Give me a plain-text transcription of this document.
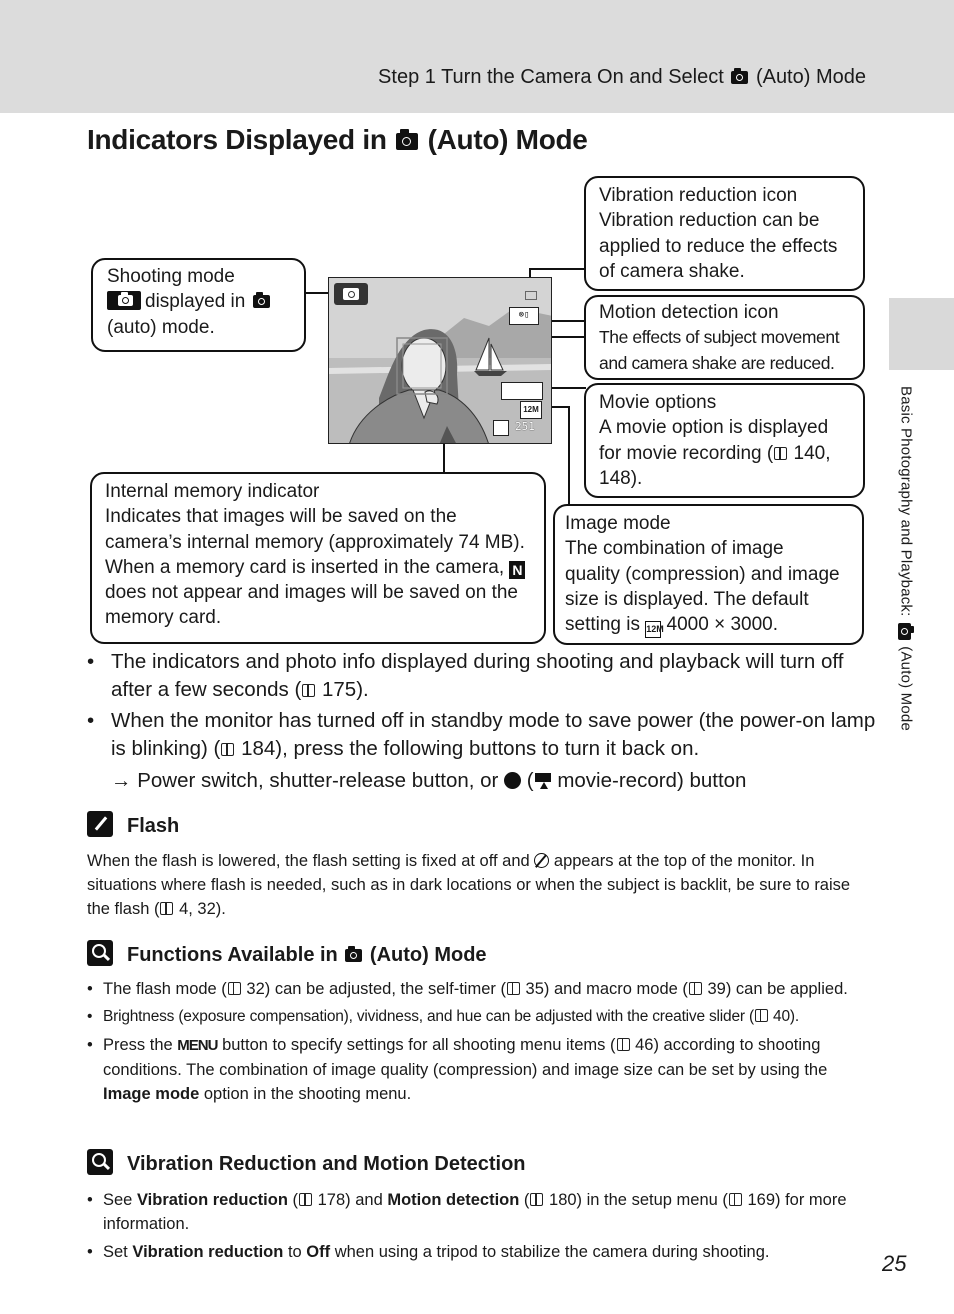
Step 1 Turn the Camera On and Select (Auto) Mode
Basic Photography and Playback:  (Auto) Mode
Indicators Displayed in (Auto) Mode
Shooting mode
displayed in
(auto) mode.
Vibration reduction icon
Vibration reduction can be
applied to reduce the effects
of camera shake.
Motion detection icon
The effects of subject movement
and camera shake are reduced.
Movie options
A movie option is displayed
for movie recording ( 140,
148).
Internal memory indicator
Indicates that images will be saved on the
camera’s internal memory (approximately 74 MB).
When a memory card is inserted in the camera, N
does not appear and images will be saved on the
memory card.
Image mode
The combination of image
quality (compression) and image
size is displayed. The default
setting is 12M 4000 × 3000.
⊗▯
12M
251
• The indicators and photo info displayed during shooting and playback will turn off after a few seconds ( 175).
• When the monitor has turned off in standby mode to save power (the power-on lamp is blinking) ( 184), press the following buttons to turn it back on.
→ Power switch, shutter-release button, or ( movie-record) button
Flash
When the flash is lowered, the flash setting is fixed at off and appears at the top of the monitor. In situations where flash is needed, such as in dark locations or when the subject is backlit, be sure to raise the flash ( 4, 32).
Functions Available in (Auto) Mode
• The flash mode ( 32) can be adjusted, the self-timer ( 35) and macro mode ( 39) can be applied.
• Brightness (exposure compensation), vividness, and hue can be adjusted with the creative slider ( 40).
• Press the MENU button to specify settings for all shooting menu items ( 46) according to shooting conditions. The combination of image quality (compression) and image size can be set by using the Image mode option in the shooting menu.
Vibration Reduction and Motion Detection
• See Vibration reduction ( 178) and Motion detection ( 180) in the setup menu ( 169) for more information.
• Set Vibration reduction to Off when using a tripod to stabilize the camera during shooting.	25
